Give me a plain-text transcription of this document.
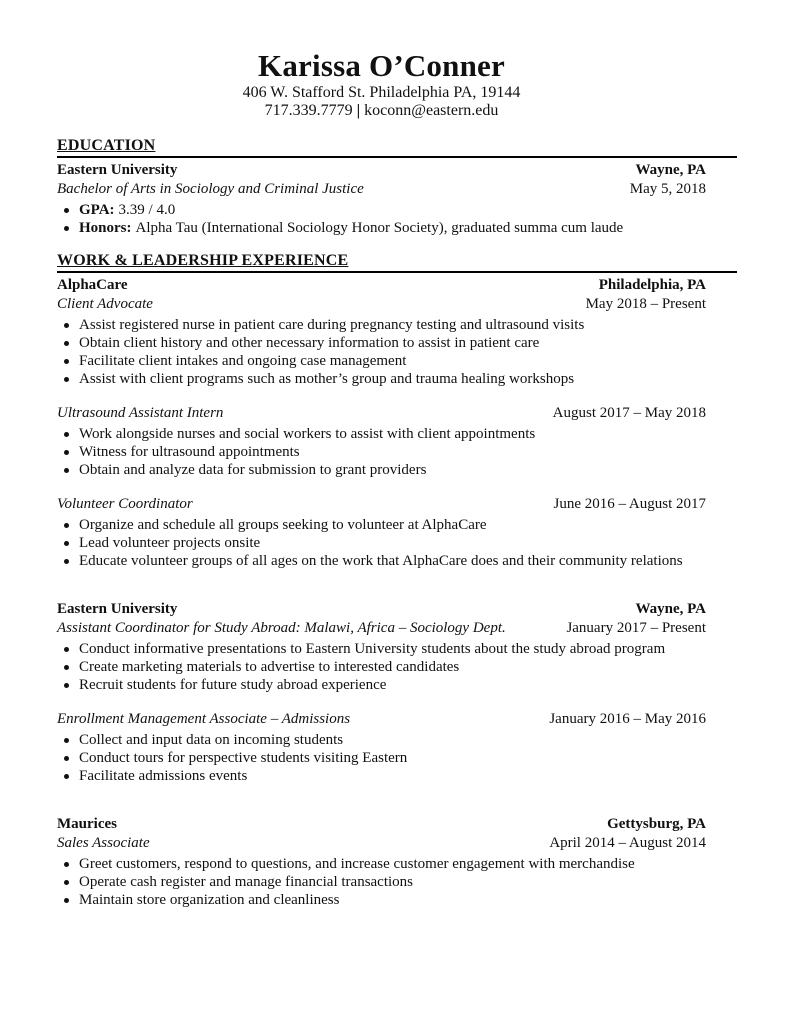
Karissa O’Conner
406 W. Stafford St. Philadelphia PA, 19144
717.339.7779 | koconn@eastern.edu
EDUCATION
Eastern University	Wayne, PA
Bachelor of Arts in Sociology and Criminal Justice	May 5, 2018
GPA: 3.39 / 4.0
Honors: Alpha Tau (International Sociology Honor Society), graduated summa cum laude
WORK & LEADERSHIP EXPERIENCE
AlphaCare	Philadelphia, PA
Client Advocate	May 2018 – Present
Assist registered nurse in patient care during pregnancy testing and ultrasound visits
Obtain client history and other necessary information to assist in patient care
Facilitate client intakes and ongoing case management
Assist with client programs such as mother’s group and trauma healing workshops
Ultrasound Assistant Intern	August 2017 – May 2018
Work alongside nurses and social workers to assist with client appointments
Witness for ultrasound appointments
Obtain and analyze data for submission to grant providers
Volunteer Coordinator	June 2016 – August 2017
Organize and schedule all groups seeking to volunteer at AlphaCare
Lead volunteer projects onsite
Educate volunteer groups of all ages on the work that AlphaCare does and their community relations
Eastern University	Wayne, PA
Assistant Coordinator for Study Abroad: Malawi, Africa – Sociology Dept.	January 2017 – Present
Conduct informative presentations to Eastern University students about the study abroad program
Create marketing materials to advertise to interested candidates
Recruit students for future study abroad experience
Enrollment Management Associate – Admissions	January 2016 – May 2016
Collect and input data on incoming students
Conduct tours for perspective students visiting Eastern
Facilitate admissions events
Maurices	Gettysburg, PA
Sales Associate	April 2014 – August 2014
Greet customers, respond to questions, and increase customer engagement with merchandise
Operate cash register and manage financial transactions
Maintain store organization and cleanliness
